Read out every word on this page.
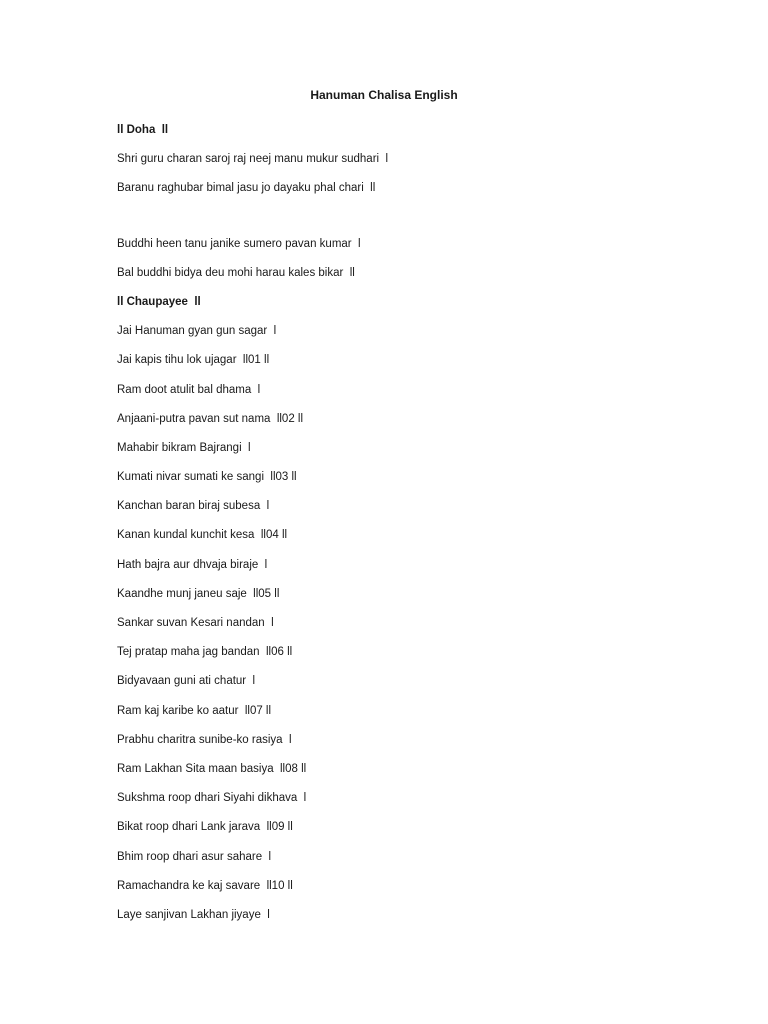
Hanuman Chalisa English
ll Doha  ll
Shri guru charan saroj raj neej manu mukur sudhari  l
Baranu raghubar bimal jasu jo dayaku phal chari  ll
Buddhi heen tanu janike sumero pavan kumar  l
Bal buddhi bidya deu mohi harau kales bikar  ll
ll Chaupayee  ll
Jai Hanuman gyan gun sagar  l
Jai kapis tihu lok ujagar  ll01 ll
Ram doot atulit bal dhama  l
Anjaani-putra pavan sut nama  ll02 ll
Mahabir bikram Bajrangi  l
Kumati nivar sumati ke sangi  ll03 ll
Kanchan baran biraj subesa  l
Kanan kundal kunchit kesa  ll04 ll
Hath bajra aur dhvaja biraje  l
Kaandhe munj janeu saje  ll05 ll
Sankar suvan Kesari nandan  l
Tej pratap maha jag bandan  ll06 ll
Bidyavaan guni ati chatur  l
Ram kaj karibe ko aatur  ll07 ll
Prabhu charitra sunibe-ko rasiya  l
Ram Lakhan Sita maan basiya  ll08 ll
Sukshma roop dhari Siyahi dikhava  l
Bikat roop dhari Lank jarava  ll09 ll
Bhim roop dhari asur sahare  l
Ramachandra ke kaj savare  ll10 ll
Laye sanjivan Lakhan jiyaye  l
